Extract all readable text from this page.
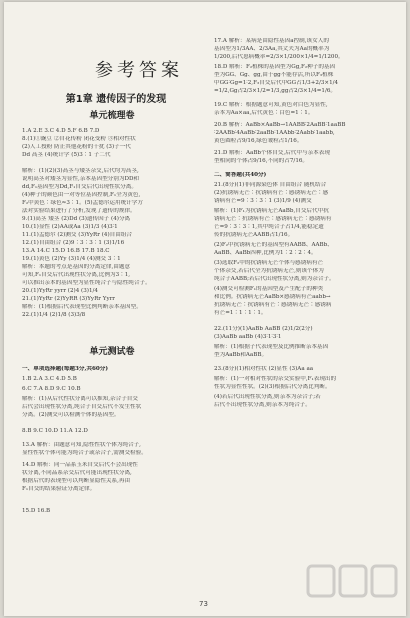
参考答案
第1章 遗传因子的发现
单元梳理卷
1.A 2.E 3.C 4.D 5.F 6.B 7.D
8.(1)①豌豆 ②自花传粉 闭花受粉 ③相对性状
(2)人工授粉 防止其他花粉的干扰 (3)子一代
Dd 高茎 (4)统计学 (5)3∶1 子二代
解析：(1)(2)(3)高茎与矮茎杂交,后代均为高茎,
说明高茎对矮茎为显性,亲本基因型分别为DD和
dd,F₁基因型为Dd,F₁自交后代出现性状分离。
(4)种子的颜色由一对等位基因控制,F₁全为黄色,
F₂中黄色∶绿色≈3∶1。(5)孟德尔运用统计学方
法对实验结果进行了分析,发现了遗传的规律。
9.(1)高茎 矮茎 (2)Dd (3)遗传因子 (4)分离
10.(1)显性 (2)AA或Aa (3)1/3 (4)3∶1
11.(1)孟德尔 (2)测交 (3)YyRr (4)自由组合
12.(1)自由组合 (2)9∶3∶3∶1 (3)1/16
13.A 14.C 15.D 16.B 17.B 18.C
19.(1)黄色 (2)Yy (3)1/4 (4)测交 3∶1
解析：本题的考点是基因的分离定律,由题意
可知,F₁自交后代出现性状分离,比例为3∶1,
可以推出亲本的基因型为显性纯合子与隐性纯合子。
20.(1)YyRr yyrr (2)4 (3)1/4
21.(1)YyRr (2)YyRR (3)YyRr Yyrr
解析：(1)根据后代表现型比例判断亲本基因型。
22.(1)1/4 (2)1/8 (3)3/8
单元测试卷
一、单项选择题(每题3分,共60分)
1.B 2.A 3.C 4.D 5.B
6.C 7.A 8.D 9.C 10.B
解析：(1)从后代性状分离可以推知,杂合子自交
后代会出现性状分离,纯合子自交后代不发生性状
分离。(2)测交可以检测个体的基因型。
8.B 9.C 10.D 11.A 12.D
13.A 解析：由题意可知,隐性性状个体为纯合子,
显性性状个体可能为纯合子或杂合子,需测交检验。
14.D 解析：同一品系玉米自交后代不会出现性
状分离,不同品系杂交后代可能出现性状分离,
根据后代的表现型可以判断显隐性关系,再由
F₁自交的结果验证分离定律。
15.D 16.B
17.A 解析：某病是由隐性基因a控制,该女人的
基因型为1/3AA、2/3Aa,其丈夫为Aa的概率为
1/200,后代患病概率=2/3×1/200×1/4=1/1200。
18.D 解析：F₂植株的基因型为Gg,F₂种子的基因
型为GG、Gg、gg,由于gg不能存活,所以F₃植株
中GG∶Gg=1∶2,F₃自交后代中GG占1/3+2/3×1/4
=1/2,Gg占2/3×1/2=1/3,gg占2/3×1/4=1/6。
19.C 解析：根据题意可知,黄色对白色为显性,
亲本为Aa×aa,后代黄色∶白色=1∶1。
20.B 解析：AaBb×AaBb→1AABB∶2AaBB∶1aaBB
∶2AABb∶4AaBb∶2aaBb∶1AAbb∶2Aabb∶1aabb,
黄色圆粒占9/16,绿色皱粒占1/16。
21.D 解析：AaBb个体自交,后代中与亲本表现
型相同的个体占9/16,不同的占7/16。
二、简答题(共40分)
21.(8分)(1)非同源染色体 自由组合 随机结合
(2)抗锈病无芒∶抗锈病有芒∶感锈病无芒∶感
锈病有芒=9∶3∶3∶1 (3)1/9 (4)测交
解析：(1)F₁为抗锈病无芒AaBb,自交后代中抗
锈病无芒∶抗锈病有芒∶感锈病无芒∶感锈病有
芒=9∶3∶3∶1,其中纯合子占1/4,能稳定遗
传的抗锈病无芒AABB占1/16。
(2)F₂中抗锈病无芒的基因型有AABB、AABb、
AaBB、AaBb四种,比例为1∶2∶2∶4。
(3)选取F₂中的抗锈病无芒个体与感锈病有芒
个体杂交,若后代全为抗锈病无芒,则该个体为
纯合子AABB;若后代出现性状分离,则为杂合子。
(4)测交可检测F₁的基因型及产生配子的种类
和比例。抗锈病无芒AaBb×感锈病有芒aabb→
抗锈病无芒∶抗锈病有芒∶感锈病无芒∶感锈病
有芒=1∶1∶1∶1。
22.(11分)(1)AaBb AaBB (2)1/2(2分)
(3)AaBb aaBb (4)3∶1∶3∶1
解析：(1)根据子代表现型及比例推断亲本基因
型为AaBb和AaBB。
23.(8分)(1)相对性状 (2)显性 (3)Aa aa
解析：(1)一对相对性状的杂交实验中,F₁表现出的
性状为显性性状。(2)(3)根据后代分离比判断。
(4)若后代出现性状分离,则亲本为杂合子;若
后代不出现性状分离,则亲本为纯合子。
73
